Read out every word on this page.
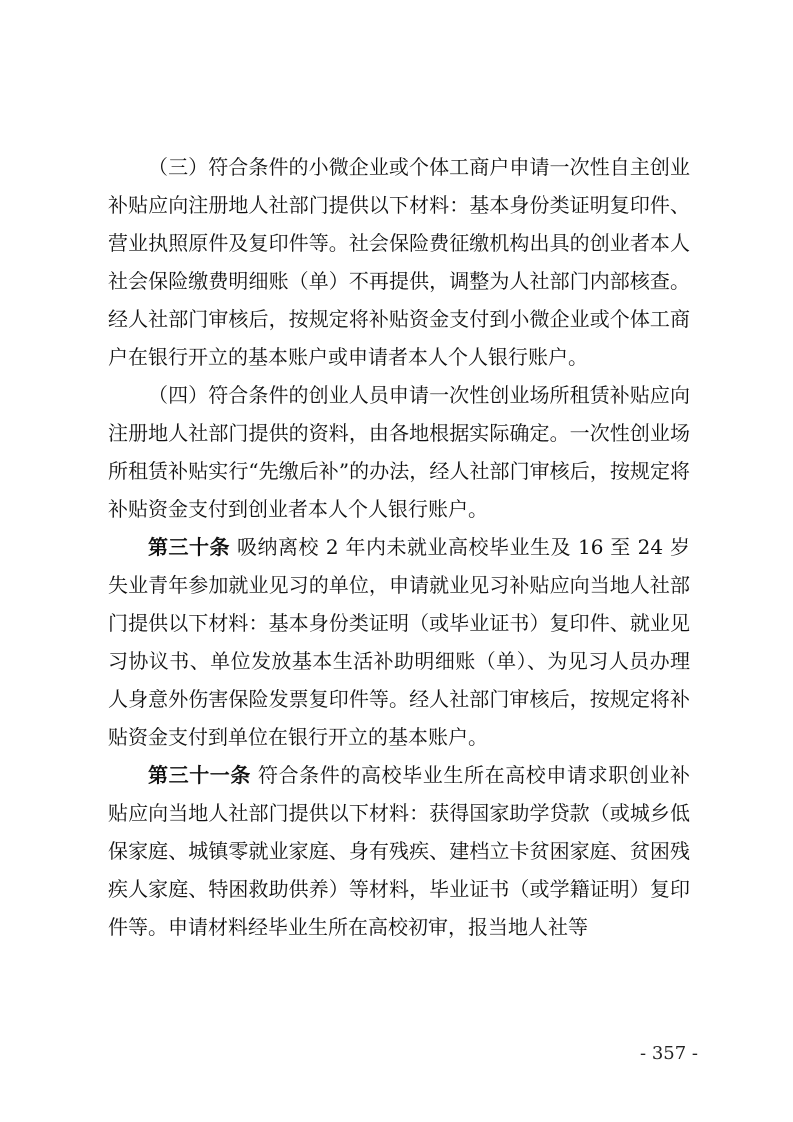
（三）符合条件的小微企业或个体工商户申请一次性自主创业补贴应向注册地人社部门提供以下材料：基本身份类证明复印件、营业执照原件及复印件等。社会保险费征缴机构出具的创业者本人社会保险缴费明细账（单）不再提供，调整为人社部门内部核查。经人社部门审核后，按规定将补贴资金支付到小微企业或个体工商户在银行开立的基本账户或申请者本人个人银行账户。

（四）符合条件的创业人员申请一次性创业场所租赁补贴应向注册地人社部门提供的资料，由各地根据实际确定。一次性创业场所租赁补贴实行“先缴后补”的办法，经人社部门审核后，按规定将补贴资金支付到创业者本人个人银行账户。

第三十条 吸纳离校 2 年内未就业高校毕业生及 16 至 24 岁失业青年参加就业见习的单位，申请就业见习补贴应向当地人社部门提供以下材料：基本身份类证明（或毕业证书）复印件、就业见习协议书、单位发放基本生活补助明细账（单）、为见习人员办理人身意外伤害保险发票复印件等。经人社部门审核后，按规定将补贴资金支付到单位在银行开立的基本账户。

第三十一条 符合条件的高校毕业生所在高校申请求职创业补贴应向当地人社部门提供以下材料：获得国家助学贷款（或城乡低保家庭、城镇零就业家庭、身有残疾、建档立卡贫困家庭、贫困残疾人家庭、特困救助供养）等材料，毕业证书（或学籍证明）复印件等。申请材料经毕业生所在高校初审，报当地人社等

- 357 -
